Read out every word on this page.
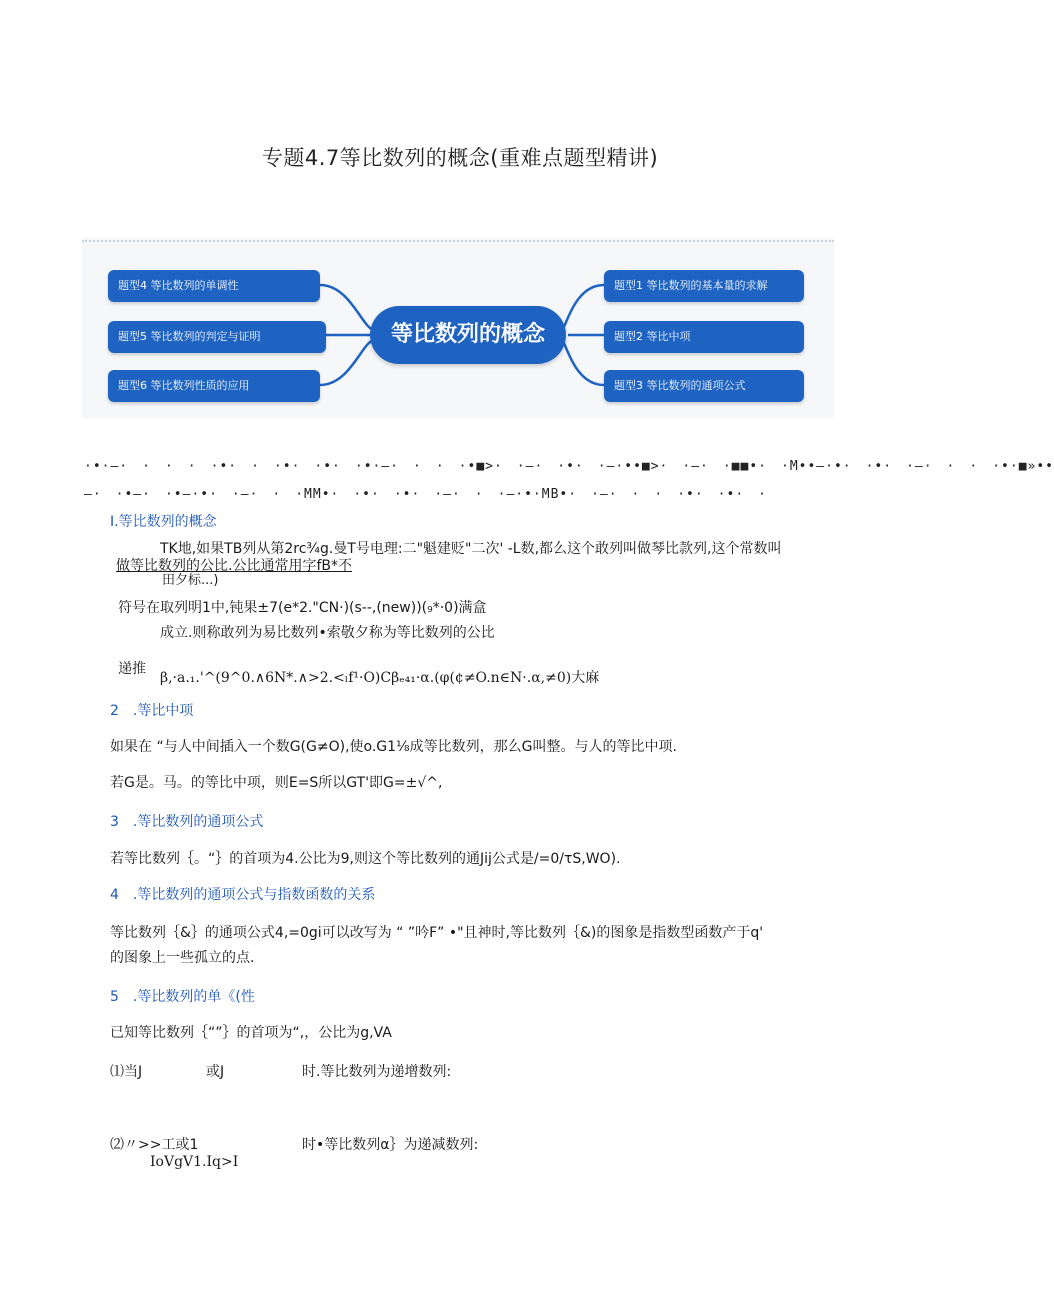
专题4.7等比数列的概念(重难点题型精讲)
题型4 等比数列的单调性
题型5 等比数列的判定与证明
题型6 等比数列性质的应用
等比数列的概念
题型1 等比数列的基本量的求解
题型2 等比中项
题型3 等比数列的通项公式
·•·—·　·　·　·　·•·　·　·•·　·•·　·•·—·　·　·　·•■>·　·—·　·•·　·—·••■>·　·—·　·■■•·　·M••—·•·　·•·　·—·　·　·　·•·■»••
—·　·•—·　·•—·•·　·—·　·　·MM•·　·•·　·•·　·—·　·　·—·•·MB•·　·—·　·　·　·•·　·•·　·
I.等比数列的概念
TK地,如果TB列从第2rc¾g.曼T号电理:二"魁建贬"二次' -L数,都么这个敢列叫做琴比款列,这个常数叫
做等比数列的公比.公比通常用字fB*不
田夕标...)
符号在取列明1中,钝果±7(e*2."CN·)(s--,(new))(₉*·0)满盒
成立.则称敢列为易比数列•索敬夕称为等比数列的公比
递推
β,·a.₁.'^(9^0.∧6N*.∧>2.<ₗf¹·O)Cβₑ₄₁·α.(φ(¢≠O.n∈N·.α,≠0)大麻
2　.等比中项
如果在 “与人中间插入一个数G(G≠O),使o.G1⅛成等比数列，那么G叫整。与人的等比中项.
若G是。马。的等比中项，则E=S所以GT'即G=±√^,
3　.等比数列的通项公式
若等比数列｛。“｝的首项为4.公比为9,则这个等比数列的通Jij公式是/=0/τS,WO).
4　.等比数列的通项公式与指数函数的关系
等比数列｛&｝的通项公式4,=0gi可以改写为 “ ”吟F” •"且神时,等比数列｛&)的图象是指数型函数产于q'
的图象上一些孤立的点.
5　.等比数列的单《(性
已知等比数列｛“”｝的首项为“,，公比为g,VA
⑴当J	或J	时.等比数列为递增数列:
⑵〃>>工或1	时•等比数列α｝为递减数列:
IoVgV1.Iq>I
